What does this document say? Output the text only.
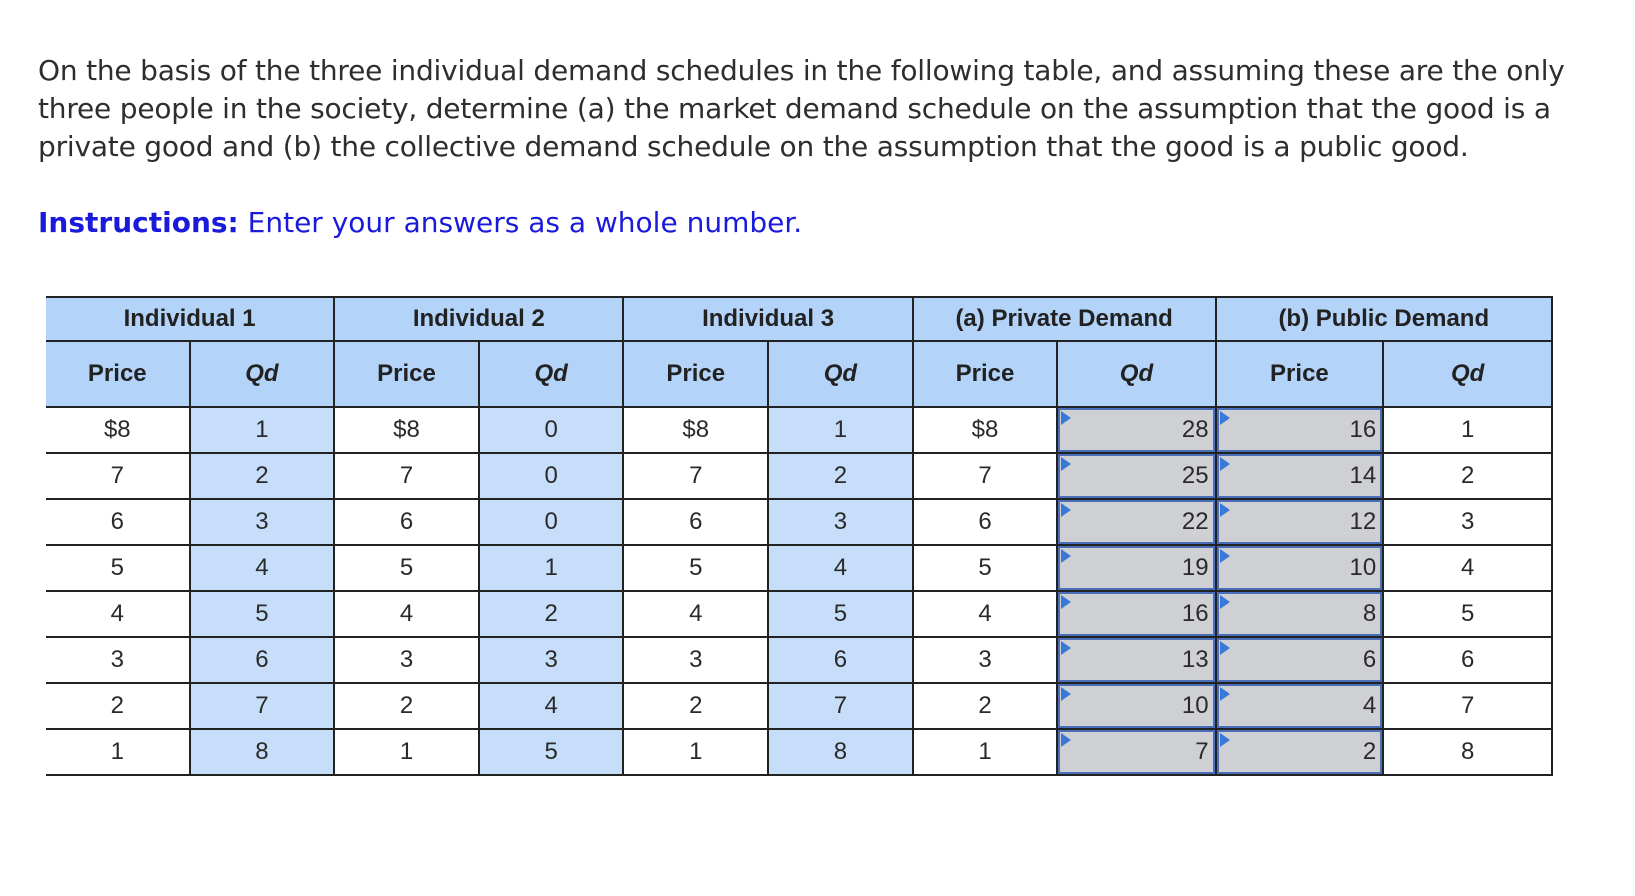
On the basis of the three individual demand schedules in the following table, and assuming these are the only three people in the society, determine (a) the market demand schedule on the assumption that the good is a private good and (b) the collective demand schedule on the assumption that the good is a public good.
Instructions: Enter your answers as a whole number.
Individual 1		Individual 2		Individual 3		(a) Private Demand		(b) Public Demand	
Price	Qd	Price	Qd	Price	Qd	Price	Qd	Price	Qd
$8	1	$8	0	$8	1	$8	28	16	1
7	2	7	0	7	2	7	25	14	2
6	3	6	0	6	3	6	22	12	3
5	4	5	1	5	4	5	19	10	4
4	5	4	2	4	5	4	16	8	5
3	6	3	3	3	6	3	13	6	6
2	7	2	4	2	7	2	10	4	7
1	8	1	5	1	8	1	7	2	8
